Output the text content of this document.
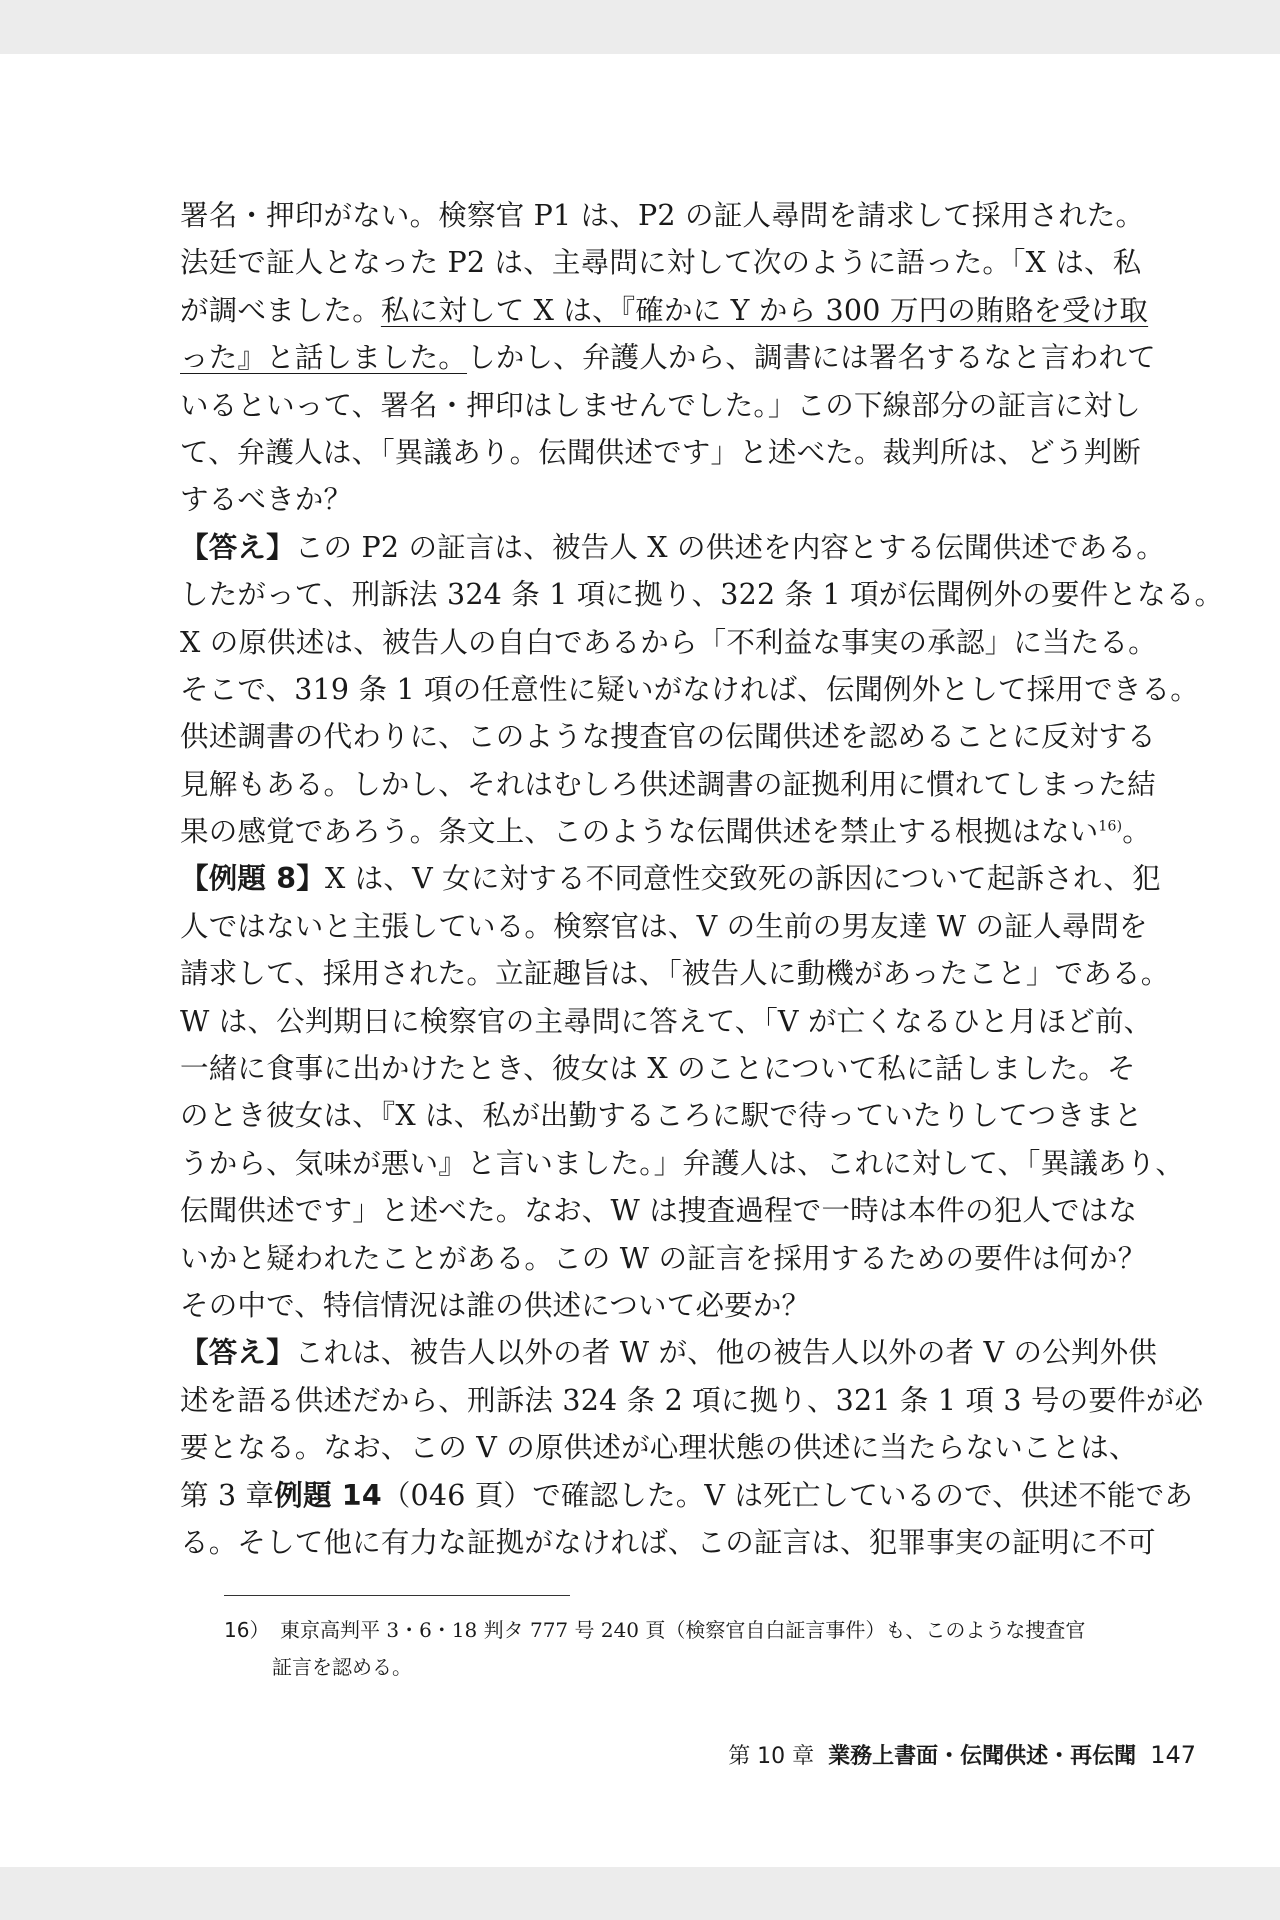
署名・押印がない。検察官 P1 は、P2 の証人尋問を請求して採用された。
法廷で証人となった P2 は、主尋問に対して次のように語った。「X は、私
が調べました。私に対して X は、『確かに Y から 300 万円の賄賂を受け取
った』と話しました。しかし、弁護人から、調書には署名するなと言われて
いるといって、署名・押印はしませんでした。」この下線部分の証言に対し
て、弁護人は、「異議あり。伝聞供述です」と述べた。裁判所は、どう判断
するべきか？
【答え】この P2 の証言は、被告人 X の供述を内容とする伝聞供述である。
したがって、刑訴法 324 条 1 項に拠り、322 条 1 項が伝聞例外の要件となる。
X の原供述は、被告人の自白であるから「不利益な事実の承認」に当たる。
そこで、319 条 1 項の任意性に疑いがなければ、伝聞例外として採用できる。
供述調書の代わりに、このような捜査官の伝聞供述を認めることに反対する
見解もある。しかし、それはむしろ供述調書の証拠利用に慣れてしまった結
果の感覚であろう。条文上、このような伝聞供述を禁止する根拠はない$^{16)}$。
【例題 8】X は、V 女に対する不同意性交致死の訴因について起訴され、犯
人ではないと主張している。検察官は、V の生前の男友達 W の証人尋問を
請求して、採用された。立証趣旨は、「被告人に動機があったこと」である。
W は、公判期日に検察官の主尋問に答えて、「V が亡くなるひと月ほど前、
一緒に食事に出かけたとき、彼女は X のことについて私に話しました。そ
のとき彼女は、『X は、私が出勤するころに駅で待っていたりしてつきまと
うから、気味が悪い』と言いました。」弁護人は、これに対して、「異議あり、
伝聞供述です」と述べた。なお、W は捜査過程で一時は本件の犯人ではな
いかと疑われたことがある。この W の証言を採用するための要件は何か？
その中で、特信情況は誰の供述について必要か？
【答え】これは、被告人以外の者 W が、他の被告人以外の者 V の公判外供
述を語る供述だから、刑訴法 324 条 2 項に拠り、321 条 1 項 3 号の要件が必
要となる。なお、この V の原供述が心理状態の供述に当たらないことは、
第 3 章例題 14（046 頁）で確認した。V は死亡しているので、供述不能であ
る。そして他に有力な証拠がなければ、この証言は、犯罪事実の証明に不可
16） 東京高判平 3・6・18 判タ 777 号 240 頁（検察官自白証言事件）も、このような捜査官
証言を認める。
第 10 章 業務上書面・伝聞供述・再伝聞 147
